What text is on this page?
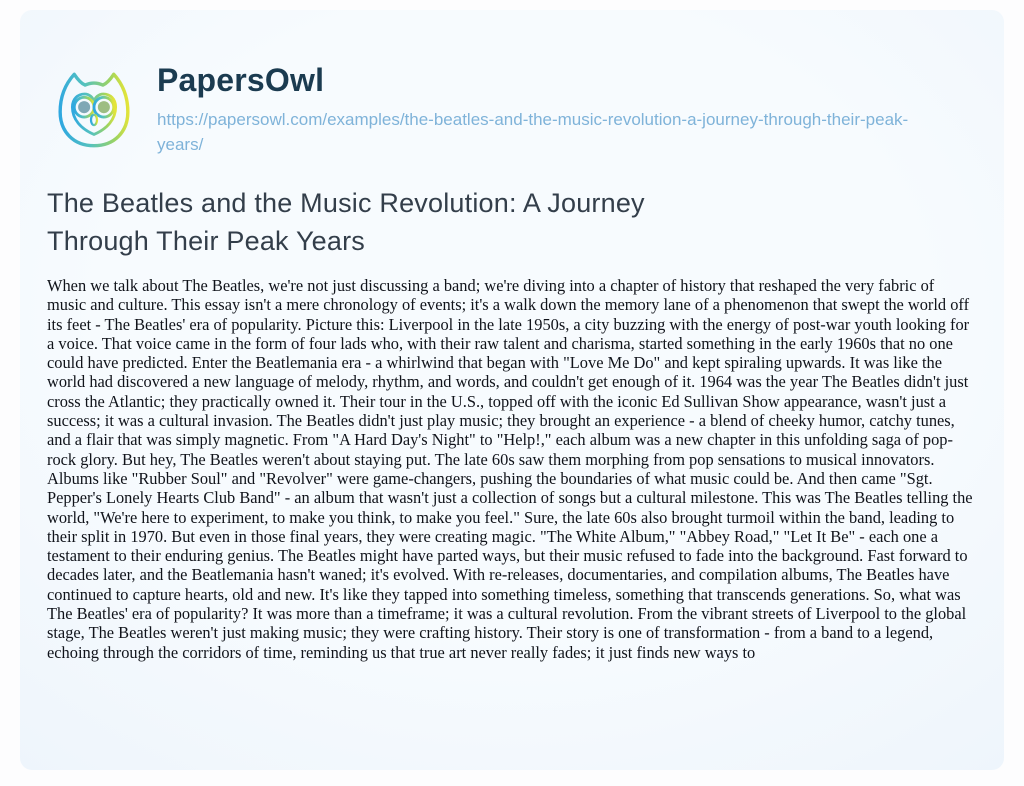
PapersOwl
https://papersowl.com/examples/the-beatles-and-the-music-revolution-a-journey-through-their-peak-years/
The Beatles and the Music Revolution: A Journey Through Their Peak Years

When we talk about The Beatles, we're not just discussing a band; we're diving into a chapter of history that reshaped the very fabric of music and culture. This essay isn't a mere chronology of events; it's a walk down the memory lane of a phenomenon that swept the world off its feet - The Beatles' era of popularity. Picture this: Liverpool in the late 1950s, a city buzzing with the energy of post-war youth looking for a voice. That voice came in the form of four lads who, with their raw talent and charisma, started something in the early 1960s that no one could have predicted. Enter the Beatlemania era - a whirlwind that began with "Love Me Do" and kept spiraling upwards. It was like the world had discovered a new language of melody, rhythm, and words, and couldn't get enough of it. 1964 was the year The Beatles didn't just cross the Atlantic; they practically owned it. Their tour in the U.S., topped off with the iconic Ed Sullivan Show appearance, wasn't just a success; it was a cultural invasion. The Beatles didn't just play music; they brought an experience - a blend of cheeky humor, catchy tunes, and a flair that was simply magnetic. From "A Hard Day's Night" to "Help!," each album was a new chapter in this unfolding saga of pop-rock glory. But hey, The Beatles weren't about staying put. The late 60s saw them morphing from pop sensations to musical innovators. Albums like "Rubber Soul" and "Revolver" were game-changers, pushing the boundaries of what music could be. And then came "Sgt. Pepper's Lonely Hearts Club Band" - an album that wasn't just a collection of songs but a cultural milestone. This was The Beatles telling the world, "We're here to experiment, to make you think, to make you feel." Sure, the late 60s also brought turmoil within the band, leading to their split in 1970. But even in those final years, they were creating magic. "The White Album," "Abbey Road," "Let It Be" - each one a testament to their enduring genius. The Beatles might have parted ways, but their music refused to fade into the background. Fast forward to decades later, and the Beatlemania hasn't waned; it's evolved. With re-releases, documentaries, and compilation albums, The Beatles have continued to capture hearts, old and new. It's like they tapped into something timeless, something that transcends generations. So, what was The Beatles' era of popularity? It was more than a timeframe; it was a cultural revolution. From the vibrant streets of Liverpool to the global stage, The Beatles weren't just making music; they were crafting history. Their story is one of transformation - from a band to a legend, echoing through the corridors of time, reminding us that true art never really fades; it just finds new ways to
